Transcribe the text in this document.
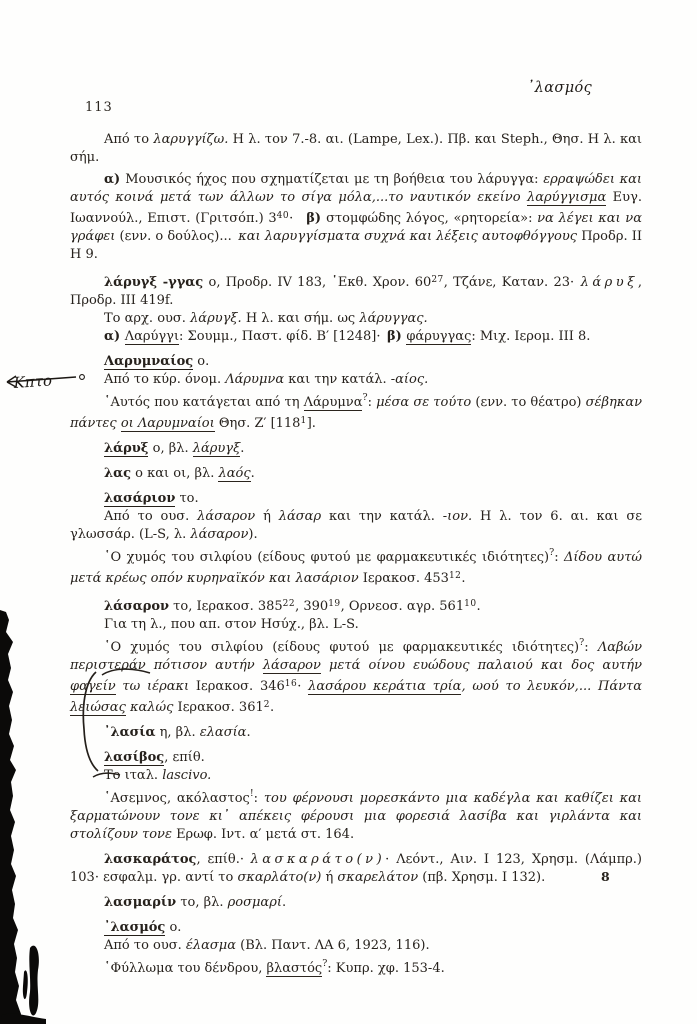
᾿λασμός
113

Από το λαρυγγίζω. Η λ. τον 7.-8. αι. (Lampe, Lex.). Πβ. και Steph., Θησ. Η λ. και σήμ.

α) Μουσικός ήχος που σχηματίζεται με τη βοήθεια του λάρυγγα: ερραψώδει και αυτός κοινά μετά των άλλων το σίγα μόλα,...το ναυτικόν εκείνο λαρύγγισμα Ευγ. Ιωαννούλ., Επιστ. (Γριτσόπ.) $3^{40}\cdot$ β) στομφώδης λόγος, «ρητορεία»: να λέγει και να γράφει (ενν. ο δούλος)... και λαρυγγίσματα συχνά και λέξεις αυτοφθόγγους Προδρ. ΙΙ Η 9.

λάρυγξ -γγας ο, Προδρ. IV 183, ῾Εκθ. Χρον. $60^{27}$, Τζάνε, Καταν. 23· λάρυξ, Προδρ. ΙΙΙ 419f.

Το αρχ. ουσ. λάρυγξ. Η λ. και σήμ. ως λάρυγγας.

α) Λαρύγγι: Σουμμ., Παστ. φίδ. Β′ [1248]· β) φάρυγγας: Μιχ. Ιερομ. ΙΙΙ 8.

Λαρυμναίος ο.

Από το κύρ. όνομ. Λάρυμνα και την κατάλ. -αίος.

῾Αυτός που κατάγεται από τη Λάρυμνα?: μέσα σε τούτο (ενν. το θέατρο) σέβηκαν πάντες οι Λαρυμναίοι Θησ. Ζ′ $[118^1]$.

λάρυξ ο, βλ. λάρυγξ.

λας ο και οι, βλ. λαός.

λασάριον το.

Από το ουσ. λάσαρον ή λάσαρ και την κατάλ. -ιον. Η λ. τον 6. αι. και σε γλωσσάρ. (L-S, λ. λάσαρον).

῾Ο χυμός του σιλφίου (είδους φυτού με φαρμακευτικές ιδιότητες)?: Δίδου αυτώ μετά κρέως οπόν κυρηναϊκόν και λασάριον Ιερακοσ. $453^{12}$.

λάσαρον το, Ιερακοσ. $385^{22}$, $390^{19}$, Ορνεοσ. αγρ. $561^{10}$.

Για τη λ., που απ. στον Ησύχ., βλ. L-S.

῾Ο χυμός του σιλφίου (είδους φυτού με φαρμακευτικές ιδιότητες)?: Λαβών περιστεράν πότισον αυτήν λάσαρον μετά οίνου ευώδους παλαιού και δος αυτήν φαγείν τω ιέρακι Ιερακοσ. $346^{16}\cdot \lambda\alpha\sigma ά\rho o\upsilon$ κεράτια τρία, ωού το λευκόν,... Πάντα λειώσας καλώς Ιερακοσ. $361^2$.

᾿λασία η, βλ. ελασία.

λασίβος, επίθ.

Το ιταλ. lascivo.

῾Ασεμνος, ακόλαστος!: του φέρνουσι μορεσκάντο μια καδέγλα και καθίζει και ξαρματώνουν τονε κι᾿ απέκεις φέρουσι μια φορεσιά λασίβα και γιρλάντα και στολίζουν τονε Ερωφ. Ιντ. α′ μετά στ. 164.

λασκαράτος, επίθ.· λασκαράτο(ν)· Λεόντ., Αιν. Ι 123, Χρησμ. (Λάμπρ.) 103· εσφαλμ. γρ. αντί το σκαρλάτο(ν) ή σκαρελάτον (πβ. Χρησμ. Ι 132).

λασμαρίν το, βλ. ροσμαρί.

᾿λασμός ο.

Από το ουσ. έλασμα (Βλ. Παντ. ΛΑ 6, 1923, 116).

῾Φύλλωμα του δένδρου, βλαστός?: Κυπρ. χφ. 153-4.

Κπτο
8
